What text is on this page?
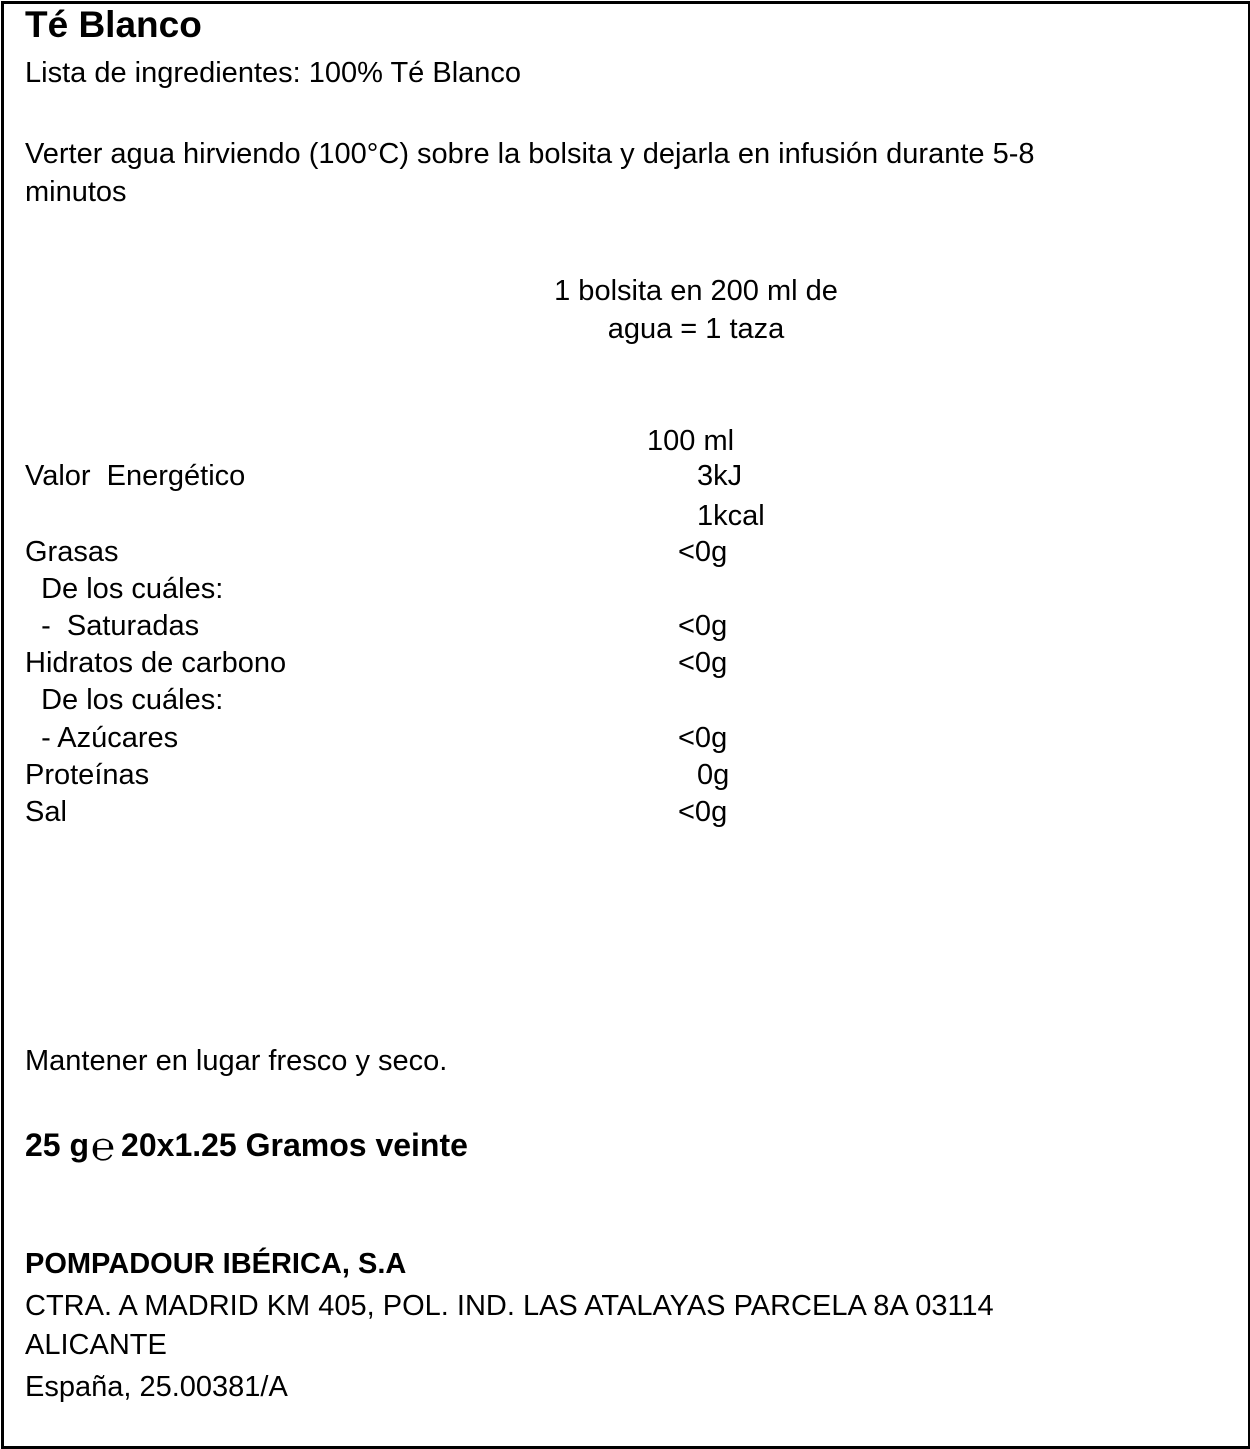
Té Blanco
Lista de ingredientes: 100% Té Blanco
Verter agua hirviendo (100°C) sobre la bolsita y dejarla en infusión durante 5-8
minutos
1 bolsita en 200 ml de
agua = 1 taza
100 ml
Valor  Energético	3kJ
1kcal
Grasas	<0g
De los cuáles:
-  Saturadas	<0g
Hidratos de carbono	<0g
De los cuáles:
- Azúcares	<0g
Proteínas	0g
Sal	<0g
Mantener en lugar fresco y seco.
25 g℮ 20x1.25 Gramos veinte
POMPADOUR IBÉRICA, S.A
CTRA. A MADRID KM 405, POL. IND. LAS ATALAYAS PARCELA 8A 03114
ALICANTE
España, 25.00381/A
